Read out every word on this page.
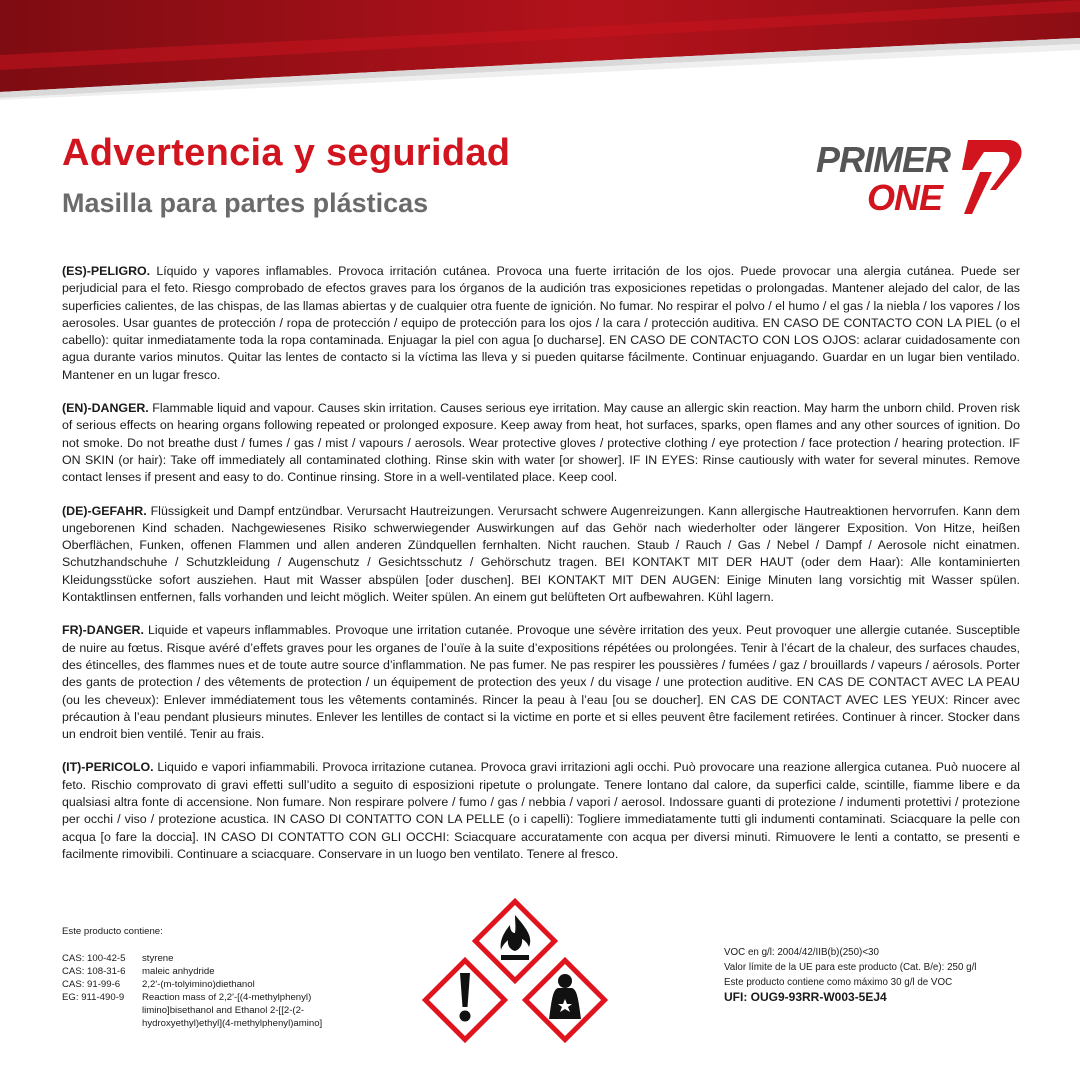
Advertencia y seguridad
Masilla para partes plásticas
PRIMER
ONE

(ES)-PELIGRO. Líquido y vapores inflamables. Provoca irritación cutánea. Provoca una fuerte irritación de los ojos. Puede provocar una alergia cutánea. Puede ser perjudicial para el feto. Riesgo comprobado de efectos graves para los órganos de la audición tras exposiciones repetidas o prolongadas. Mantener alejado del calor, de las superficies calientes, de las chispas, de las llamas abiertas y de cualquier otra fuente de ignición. No fumar. No respirar el polvo / el humo / el gas / la niebla / los vapores / los aerosoles. Usar guantes de protección / ropa de protección / equipo de protección para los ojos / la cara / protección auditiva. EN CASO DE CONTACTO CON LA PIEL (o el cabello): quitar inmediatamente toda la ropa contaminada. Enjuagar la piel con agua [o ducharse]. EN CASO DE CONTACTO CON LOS OJOS: aclarar cuidadosamente con agua durante varios minutos. Quitar las lentes de contacto si la víctima las lleva y si pueden quitarse fácilmente. Continuar enjuagando. Guardar en un lugar bien ventilado. Mantener en un lugar fresco.

(EN)-DANGER. Flammable liquid and vapour. Causes skin irritation. Causes serious eye irritation. May cause an allergic skin reaction. May harm the unborn child. Proven risk of serious effects on hearing organs following repeated or prolonged exposure. Keep away from heat, hot surfaces, sparks, open flames and any other sources of ignition. Do not smoke. Do not breathe dust / fumes / gas / mist / vapours / aerosols. Wear protective gloves / protective clothing / eye protection / face protection / hearing protection. IF ON SKIN (or hair): Take off immediately all contaminated clothing. Rinse skin with water [or shower]. IF IN EYES: Rinse cautiously with water for several minutes. Remove contact lenses if present and easy to do. Continue rinsing. Store in a well-ventilated place. Keep cool.

(DE)-GEFAHR. Flüssigkeit und Dampf entzündbar. Verursacht Hautreizungen. Verursacht schwere Augenreizungen. Kann allergische Hautreaktionen hervorrufen. Kann dem ungeborenen Kind schaden. Nachgewiesenes Risiko schwerwiegender Auswirkungen auf das Gehör nach wiederholter oder längerer Exposition. Von Hitze, heißen Oberflächen, Funken, offenen Flammen und allen anderen Zündquellen fernhalten. Nicht rauchen. Staub / Rauch / Gas / Nebel / Dampf / Aerosole nicht einatmen. Schutzhandschuhe / Schutzkleidung / Augenschutz / Gesichtsschutz / Gehörschutz tragen. BEI KONTAKT MIT DER HAUT (oder dem Haar): Alle kontaminierten Kleidungsstücke sofort ausziehen. Haut mit Wasser abspülen [oder duschen]. BEI KONTAKT MIT DEN AUGEN: Einige Minuten lang vorsichtig mit Wasser spülen. Kontaktlinsen entfernen, falls vorhanden und leicht möglich. Weiter spülen. An einem gut belüfteten Ort aufbewahren. Kühl lagern.

FR)-DANGER. Liquide et vapeurs inflammables. Provoque une irritation cutanée. Provoque une sévère irritation des yeux. Peut provoquer une allergie cutanée. Susceptible de nuire au fœtus. Risque avéré d’effets graves pour les organes de l’ouïe à la suite d’expositions répétées ou prolongées. Tenir à l’écart de la chaleur, des surfaces chaudes, des étincelles, des flammes nues et de toute autre source d’inflammation. Ne pas fumer. Ne pas respirer les poussières / fumées / gaz / brouillards / vapeurs / aérosols. Porter des gants de protection / des vêtements de protection / un équipement de protection des yeux / du visage / une protection auditive. EN CAS DE CONTACT AVEC LA PEAU (ou les cheveux): Enlever immédiatement tous les vêtements contaminés. Rincer la peau à l’eau [ou se doucher]. EN CAS DE CONTACT AVEC LES YEUX: Rincer avec précaution à l’eau pendant plusieurs minutes. Enlever les lentilles de contact si la victime en porte et si elles peuvent être facilement retirées. Continuer à rincer. Stocker dans un endroit bien ventilé. Tenir au frais.

(IT)-PERICOLO. Liquido e vapori infiammabili. Provoca irritazione cutanea. Provoca gravi irritazioni agli occhi. Può provocare una reazione allergica cutanea. Può nuocere al feto. Rischio comprovato di gravi effetti sull’udito a seguito di esposizioni ripetute o prolungate. Tenere lontano dal calore, da superfici calde, scintille, fiamme libere e da qualsiasi altra fonte di accensione. Non fumare. Non respirare polvere / fumo / gas / nebbia / vapori / aerosol. Indossare guanti di protezione / indumenti protettivi / protezione per occhi / viso / protezione acustica. IN CASO DI CONTATTO CON LA PELLE (o i capelli): Togliere immediatamente tutti gli indumenti contaminati. Sciacquare la pelle con acqua [o fare la doccia]. IN CASO DI CONTATTO CON GLI OCCHI: Sciacquare accuratamente con acqua per diversi minuti. Rimuovere le lenti a contatto, se presenti e facilmente rimovibili. Continuare a sciacquare. Conservare in un luogo ben ventilato. Tenere al fresco.

Este producto contiene:

CAS: 100-42-5	styrene
CAS: 108-31-6	maleic anhydride
CAS: 91-99-6	2,2'-(m-tolyimino)diethanol
EG: 911-490-9	Reaction mass of 2,2'-[(4-methylphenyl) limino]bisethanol and Ethanol 2-[[2-(2-hydroxyethyl)ethyl](4-methylphenyl)amino]
VOC en g/l: 2004/42/IIB(b)(250)<30
Valor límite de la UE para este producto (Cat. B/e): 250 g/l
Este producto contiene como máximo 30 g/l de VOC
UFI: OUG9-93RR-W003-5EJ4
